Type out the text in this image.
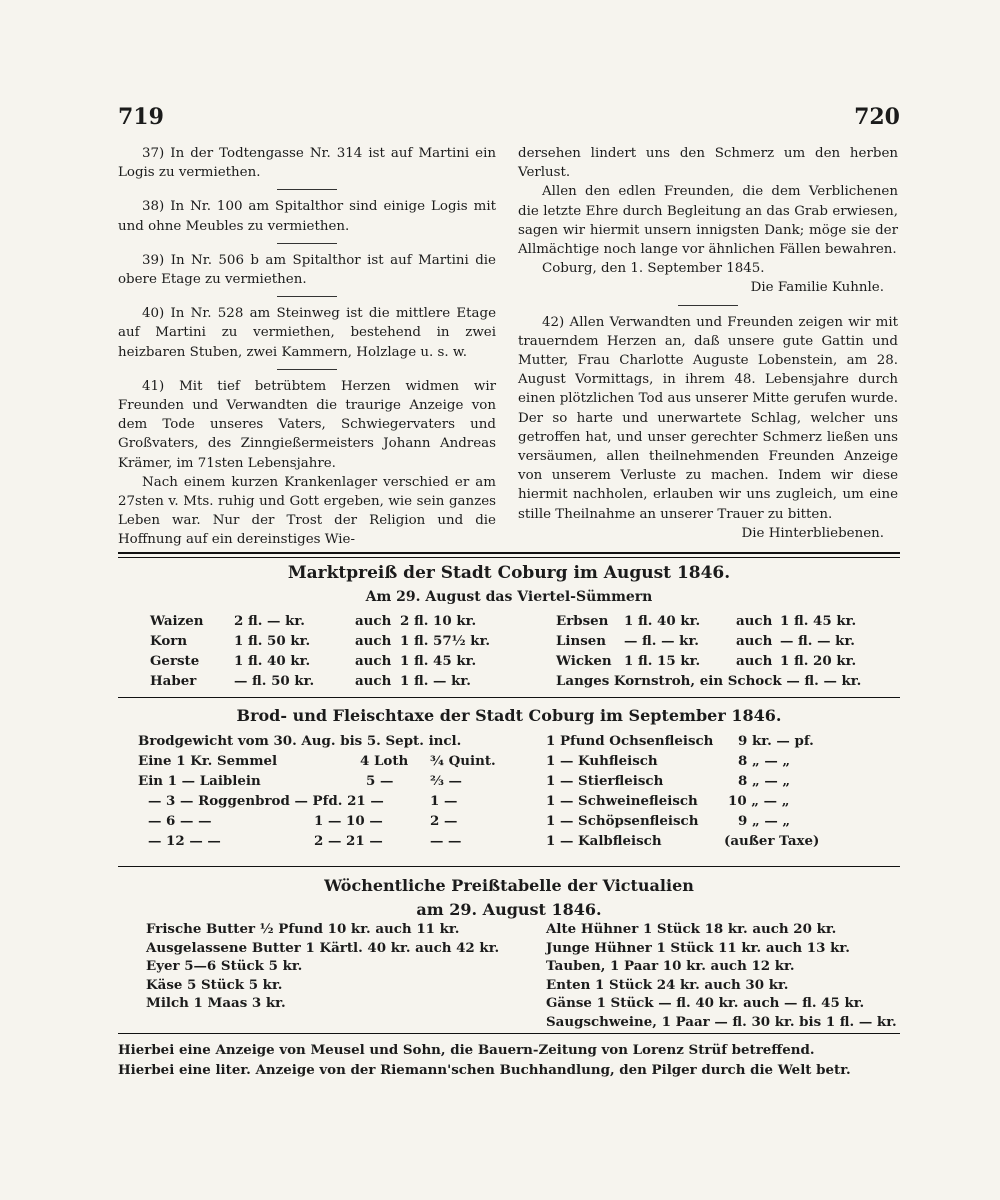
719	720

37) In der Todtengasse Nr. 314 ist auf Martini ein Logis zu vermiethen.

38) In Nr. 100 am Spitalthor sind einige Logis mit und ohne Meubles zu vermiethen.

39) In Nr. 506 b am Spitalthor ist auf Martini die obere Etage zu vermiethen.

40) In Nr. 528 am Steinweg ist die mittlere Etage auf Martini zu vermiethen, bestehend in zwei heizbaren Stuben, zwei Kammern, Holzlage u. s. w.

41) Mit tief betrübtem Herzen widmen wir Freunden und Verwandten die traurige Anzeige von dem Tode unseres Vaters, Schwiegervaters und Großvaters, des Zinngießermeisters Johann Andreas Krämer, im 71sten Lebensjahre.

Nach einem kurzen Krankenlager verschied er am 27sten v. Mts. ruhig und Gott ergeben, wie sein ganzes Leben war. Nur der Trost der Religion und die Hoffnung auf ein dereinstiges Wie-

dersehen lindert uns den Schmerz um den herben Verlust.

Allen den edlen Freunden, die dem Verblichenen die letzte Ehre durch Begleitung an das Grab erwiesen, sagen wir hiermit unsern innigsten Dank; möge sie der Allmächtige noch lange vor ähnlichen Fällen bewahren.

Coburg, den 1. September 1845.

Die Familie Kuhnle.

42) Allen Verwandten und Freunden zeigen wir mit trauerndem Herzen an, daß unsere gute Gattin und Mutter, Frau Charlotte Auguste Lobenstein, am 28. August Vormittags, in ihrem 48. Lebensjahre durch einen plötzlichen Tod aus unserer Mitte gerufen wurde. Der so harte und unerwartete Schlag, welcher uns getroffen hat, und unser gerechter Schmerz ließen uns versäumen, allen theilnehmenden Freunden Anzeige von unserem Verluste zu machen. Indem wir diese hiermit nachholen, erlauben wir uns zugleich, um eine stille Theilnahme an unserer Trauer zu bitten.

Die Hinterbliebenen.
Marktpreiß der Stadt Coburg im August 1846.
Am 29. August das Viertel-Sümmern
Waizen 2 fl. — kr.	auch 2 fl. 10 kr.
Korn	1 fl. 50 kr.	auch 1 fl. 57½ kr.
Gerste	1 fl. 40 kr.	auch 1 fl. 45 kr.
Haber	— fl. 50 kr.	auch 1 fl. — kr.
Erbsen 1 fl. 40 kr.	auch 1 fl. 45 kr.
Linsen — fl. — kr.	auch — fl. — kr.
Wicken 1 fl. 15 kr.	auch 1 fl. 20 kr.
Langes Kornstroh, ein Schock — fl. — kr.
Brod- und Fleischtaxe der Stadt Coburg im September 1846.
Brodgewicht vom 30. Aug. bis 5. Sept. incl.
Eine 1 Kr. Semmel	4 Loth ¾ Quint.
Ein 1 — Laiblein	5 —	⅔ —
— 3 — Roggenbrod — Pfd. 21 —	1 —
— 6 — —	1 — 10 —	2 —
— 12 — —	2 — 21 —	— —
1 Pfund Ochsenfleisch 9 kr. — pf.
1 — Kuhfleisch	8 „ — „
1 — Stierfleisch	8 „ — „
1 — Schweinefleisch 10 „ — „
1 — Schöpsenfleisch	9 „ — „
1 — Kalbfleisch	(außer Taxe)
Wöchentliche Preißtabelle der Victualien
am 29. August 1846.
Frische Butter ½ Pfund 10 kr. auch 11 kr.
Ausgelassene Butter 1 Kärtl. 40 kr. auch 42 kr.
Eyer 5—6 Stück 5 kr.
Käse 5 Stück 5 kr.
Milch 1 Maas 3 kr.
Alte Hühner 1 Stück 18 kr. auch 20 kr.
Junge Hühner 1 Stück 11 kr. auch 13 kr.
Tauben, 1 Paar 10 kr. auch 12 kr.
Enten 1 Stück 24 kr. auch 30 kr.
Gänse 1 Stück — fl. 40 kr. auch — fl. 45 kr.
Saugschweine, 1 Paar — fl. 30 kr. bis 1 fl. — kr.
Hierbei eine Anzeige von Meusel und Sohn, die Bauern-Zeitung von Lorenz Strüf betreffend.
Hierbei eine liter. Anzeige von der Riemann'schen Buchhandlung, den Pilger durch die Welt betr.
